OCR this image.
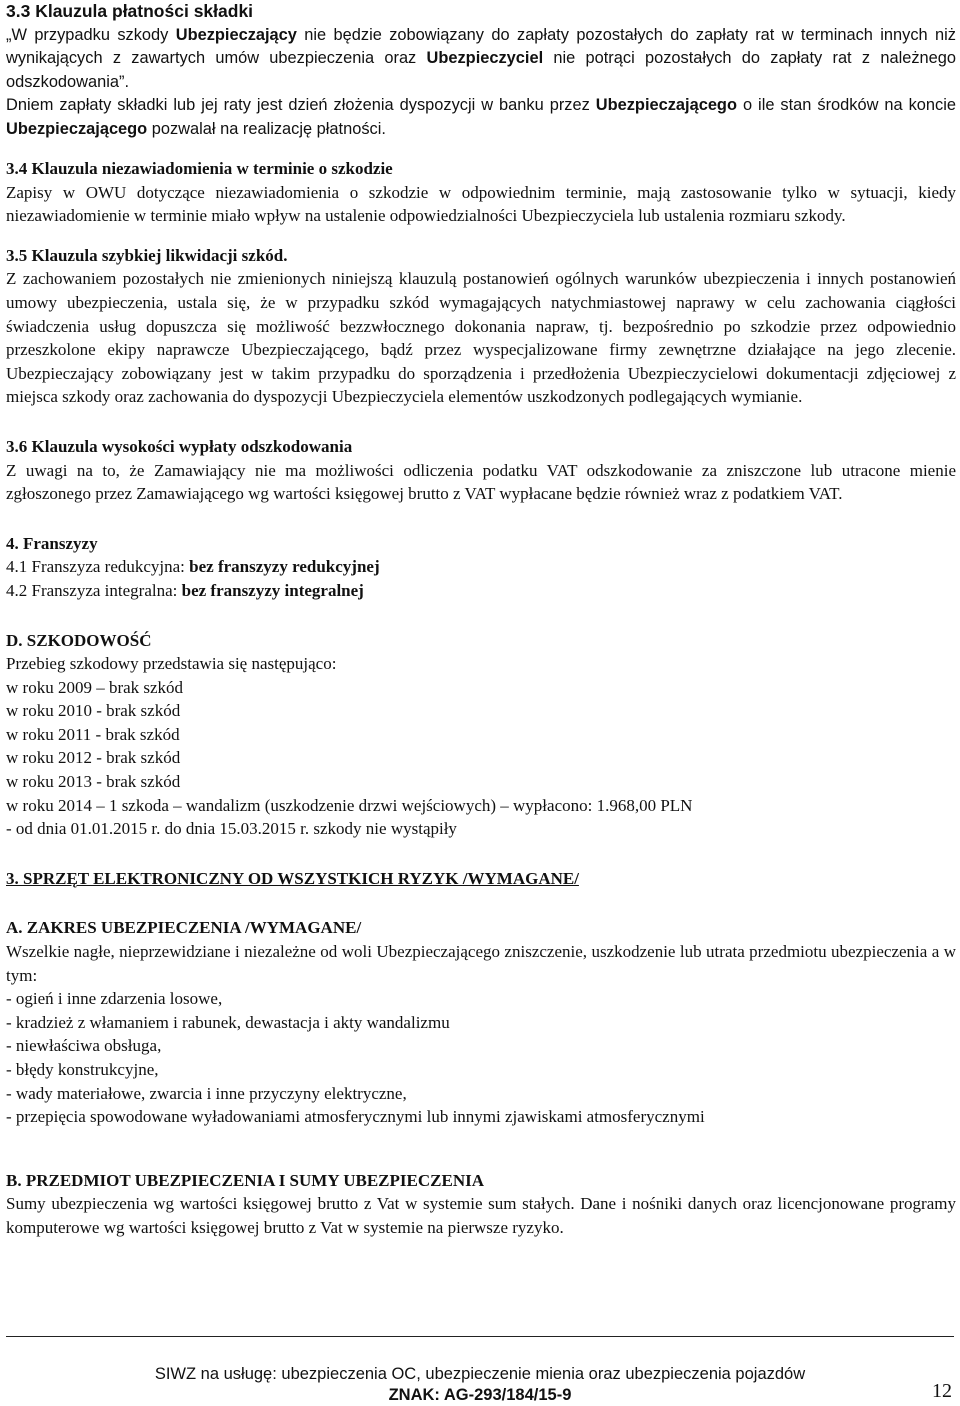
3.3 Klauzula płatności składki

„W przypadku szkody Ubezpieczający nie będzie zobowiązany do zapłaty pozostałych do zapłaty rat w terminach innych niż wynikających z zawartych umów ubezpieczenia oraz Ubezpieczyciel nie potrąci pozostałych do zapłaty rat z należnego odszkodowania”.

Dniem zapłaty składki lub jej raty jest dzień złożenia dyspozycji w banku przez Ubezpieczającego o ile stan środków na koncie Ubezpieczającego pozwalał na realizację płatności.

3.4 Klauzula niezawiadomienia w terminie o szkodzie

Zapisy w OWU dotyczące niezawiadomienia o szkodzie w odpowiednim terminie, mają zastosowanie tylko w sytuacji, kiedy niezawiadomienie w terminie miało wpływ na ustalenie odpowiedzialności Ubezpieczyciela lub ustalenia rozmiaru szkody.

3.5 Klauzula szybkiej likwidacji szkód.

Z zachowaniem pozostałych nie zmienionych niniejszą klauzulą postanowień ogólnych warunków ubezpieczenia i innych postanowień umowy ubezpieczenia, ustala się, że w przypadku szkód wymagających natychmiastowej naprawy w celu zachowania ciągłości świadczenia usług dopuszcza się możliwość bezzwłocznego dokonania napraw, tj. bezpośrednio po szkodzie przez odpowiednio przeszkolone ekipy naprawcze Ubezpieczającego, bądź przez wyspecjalizowane firmy zewnętrzne działające na jego zlecenie. Ubezpieczający zobowiązany jest w takim przypadku do sporządzenia i przedłożenia Ubezpieczycielowi dokumentacji zdjęciowej z miejsca szkody oraz zachowania do dyspozycji Ubezpieczyciela elementów uszkodzonych podlegających wymianie.

3.6 Klauzula wysokości wypłaty odszkodowania

Z uwagi na to, że Zamawiający nie ma możliwości odliczenia podatku VAT odszkodowanie za zniszczone lub utracone mienie zgłoszonego przez Zamawiającego wg wartości księgowej brutto z VAT wypłacane będzie również wraz z podatkiem VAT.

4. Franszyzy

4.1 Franszyza redukcyjna: bez franszyzy redukcyjnej

4.2 Franszyza integralna: bez franszyzy integralnej

D. SZKODOWOŚĆ

Przebieg szkodowy przedstawia się następująco:

w roku 2009 – brak szkód
w roku 2010 - brak szkód
w roku 2011 - brak szkód
w roku 2012 - brak szkód
w roku 2013 - brak szkód
w roku 2014 – 1 szkoda – wandalizm (uszkodzenie drzwi wejściowych) – wypłacono: 1.968,00 PLN
- od dnia 01.01.2015 r. do dnia 15.03.2015 r. szkody nie wystąpiły

3. SPRZĘT ELEKTRONICZNY OD WSZYSTKICH RYZYK /WYMAGANE/

A. ZAKRES UBEZPIECZENIA /WYMAGANE/

Wszelkie nagłe, nieprzewidziane i niezależne od woli Ubezpieczającego zniszczenie, uszkodzenie lub utrata przedmiotu ubezpieczenia a w tym:

- ogień i inne zdarzenia losowe,
- kradzież z włamaniem i rabunek, dewastacja i akty wandalizmu
- niewłaściwa obsługa,
- błędy konstrukcyjne,
- wady materiałowe, zwarcia i inne przyczyny elektryczne,
- przepięcia spowodowane wyładowaniami atmosferycznymi lub innymi zjawiskami atmosferycznymi

B. PRZEDMIOT UBEZPIECZENIA I SUMY UBEZPIECZENIA

Sumy ubezpieczenia wg wartości księgowej brutto z Vat w systemie sum stałych. Dane i nośniki danych oraz licencjonowane programy komputerowe wg wartości księgowej brutto z Vat w systemie na pierwsze ryzyko.

SIWZ na usługę: ubezpieczenia OC, ubezpieczenie mienia oraz ubezpieczenia pojazdów
ZNAK: AG-293/184/15-9	12
